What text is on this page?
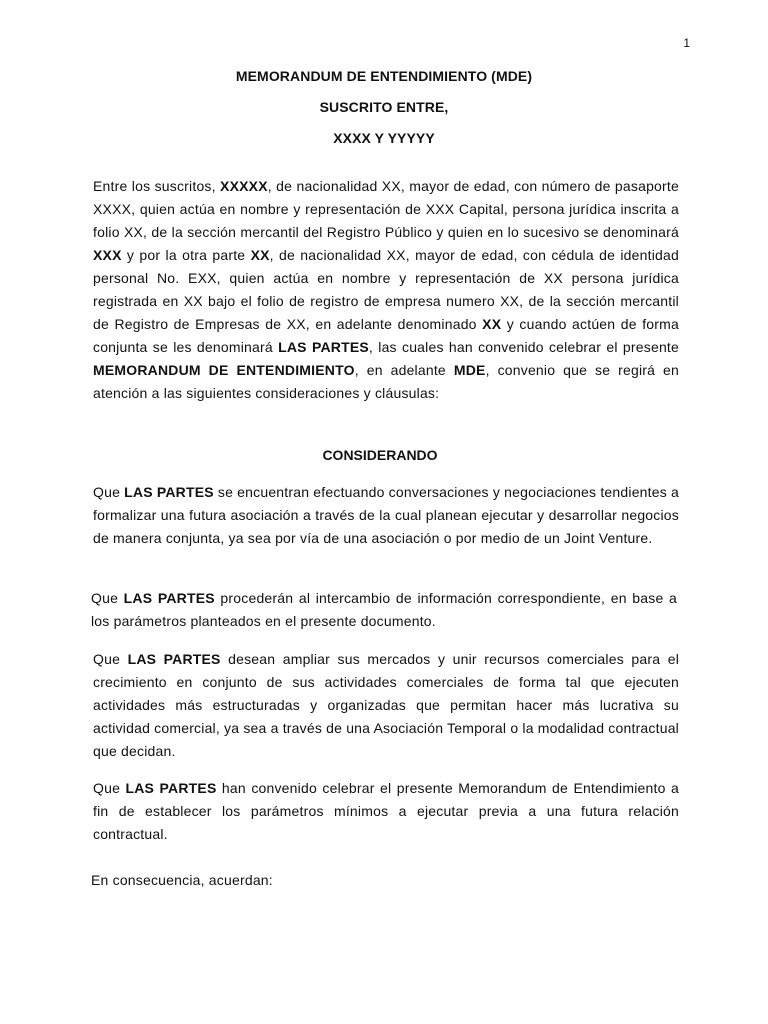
1
MEMORANDUM DE ENTENDIMIENTO (MDE)
SUSCRITO ENTRE,
XXXX Y YYYYY

Entre los suscritos, XXXXX, de nacionalidad XX, mayor de edad, con número de pasaporte XXXX, quien actúa en nombre y representación de XXX Capital, persona jurídica inscrita a folio XX, de la sección mercantil del Registro Público y quien en lo sucesivo se denominará XXX y por la otra parte XX, de nacionalidad XX, mayor de edad, con cédula de identidad personal No. EXX, quien actúa en nombre y representación de XX persona jurídica registrada en XX bajo el folio de registro de empresa numero XX, de la sección mercantil de Registro de Empresas de XX, en adelante denominado XX y cuando actúen de forma conjunta se les denominará LAS PARTES, las cuales han convenido celebrar el presente MEMORANDUM DE ENTENDIMIENTO, en adelante MDE, convenio que se regirá en atención a las siguientes consideraciones y cláusulas:

CONSIDERANDO

Que LAS PARTES se encuentran efectuando conversaciones y negociaciones tendientes a formalizar una futura asociación a través de la cual planean ejecutar y desarrollar negocios de manera conjunta, ya sea por vía de una asociación o por medio de un Joint Venture.

Que LAS PARTES procederán al intercambio de información correspondiente, en base a los parámetros planteados en el presente documento.

Que LAS PARTES desean ampliar sus mercados y unir recursos comerciales para el crecimiento en conjunto de sus actividades comerciales de forma tal que ejecuten actividades más estructuradas y organizadas que permitan hacer más lucrativa su actividad comercial, ya sea a través de una Asociación Temporal o la modalidad contractual que decidan.

Que LAS PARTES han convenido celebrar el presente Memorandum de Entendimiento a fin de establecer los parámetros mínimos a ejecutar previa a una futura relación contractual.

En consecuencia, acuerdan:
